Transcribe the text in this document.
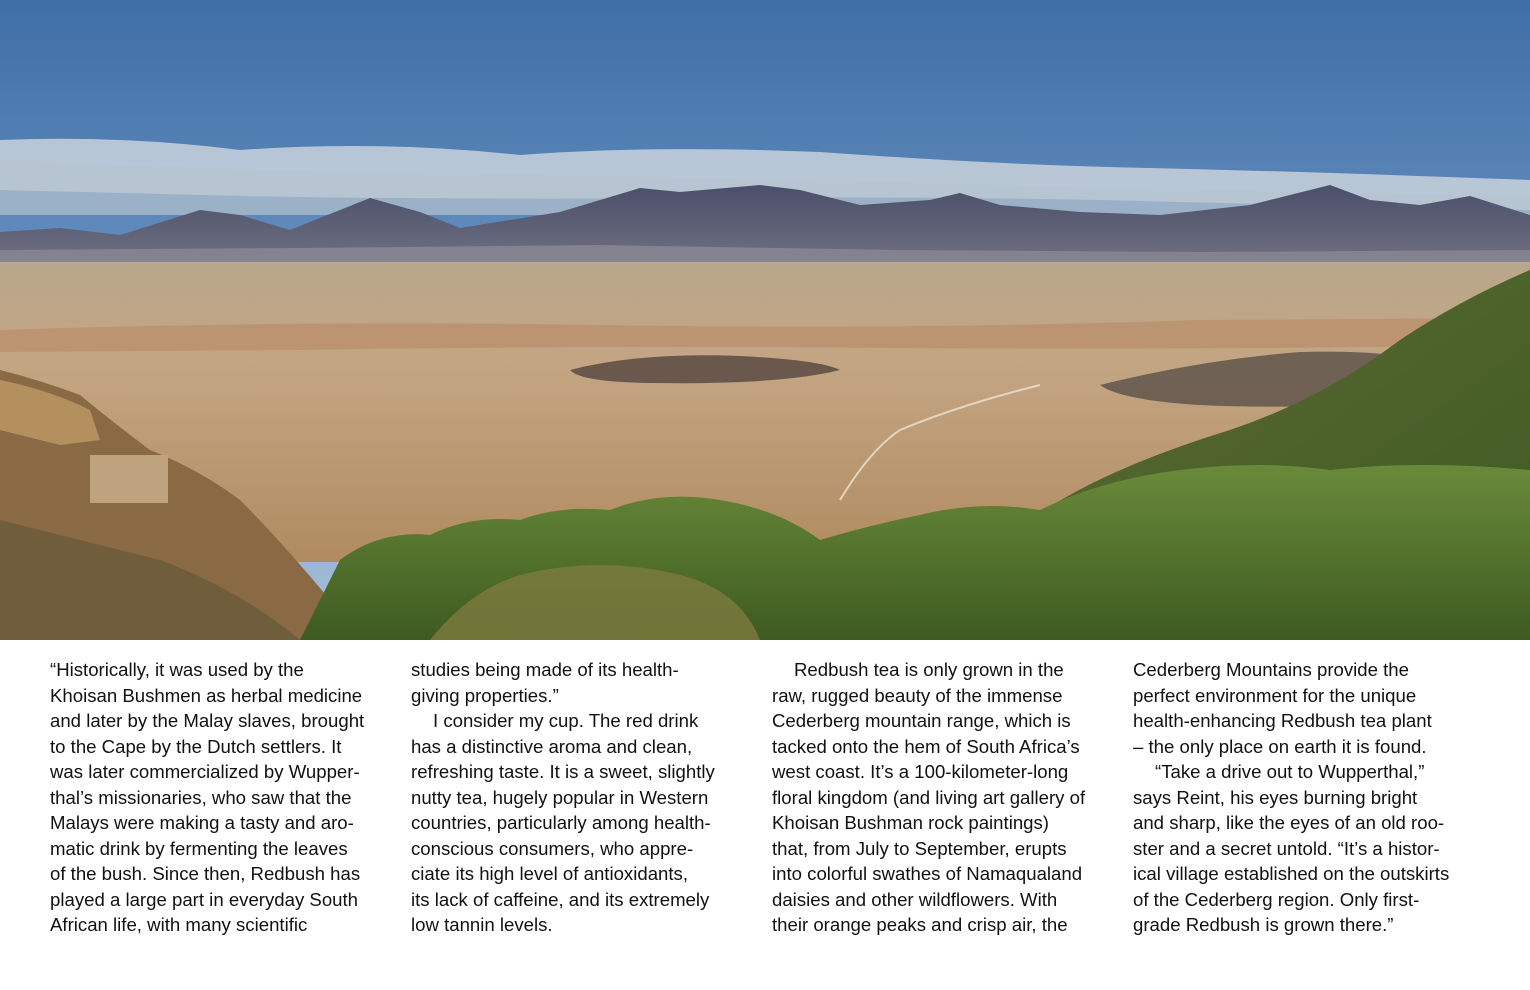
“Historically, it was used by the

Khoisan Bushmen as herbal medicine

and later by the Malay slaves, brought

to the Cape by the Dutch settlers. It

was later commercialized by Wupper-

thal’s missionaries, who saw that the

Malays were making a tasty and aro-

matic drink by fermenting the leaves

of the bush. Since then, Redbush has

played a large part in everyday South

African life, with many scientific

studies being made of its health-

giving properties.”

I consider my cup. The red drink

has a distinctive aroma and clean,

refreshing taste. It is a sweet, slightly

nutty tea, hugely popular in Western

countries, particularly among health-

conscious consumers, who appre-

ciate its high level of antioxidants,

its lack of caffeine, and its extremely

low tannin levels.

Redbush tea is only grown in the

raw, rugged beauty of the immense

Cederberg mountain range, which is

tacked onto the hem of South Africa’s

west coast. It’s a 100-kilometer-long

floral kingdom (and living art gallery of

Khoisan Bushman rock paintings)

that, from July to September, erupts

into colorful swathes of Namaqualand

daisies and other wildflowers. With

their orange peaks and crisp air, the

Cederberg Mountains provide the

perfect environment for the unique

health-enhancing Redbush tea plant

– the only place on earth it is found.

“Take a drive out to Wupperthal,”

says Reint, his eyes burning bright

and sharp, like the eyes of an old roo-

ster and a secret untold. “It’s a histor-

ical village established on the outskirts

of the Cederberg region. Only first-

grade Redbush is grown there.”
